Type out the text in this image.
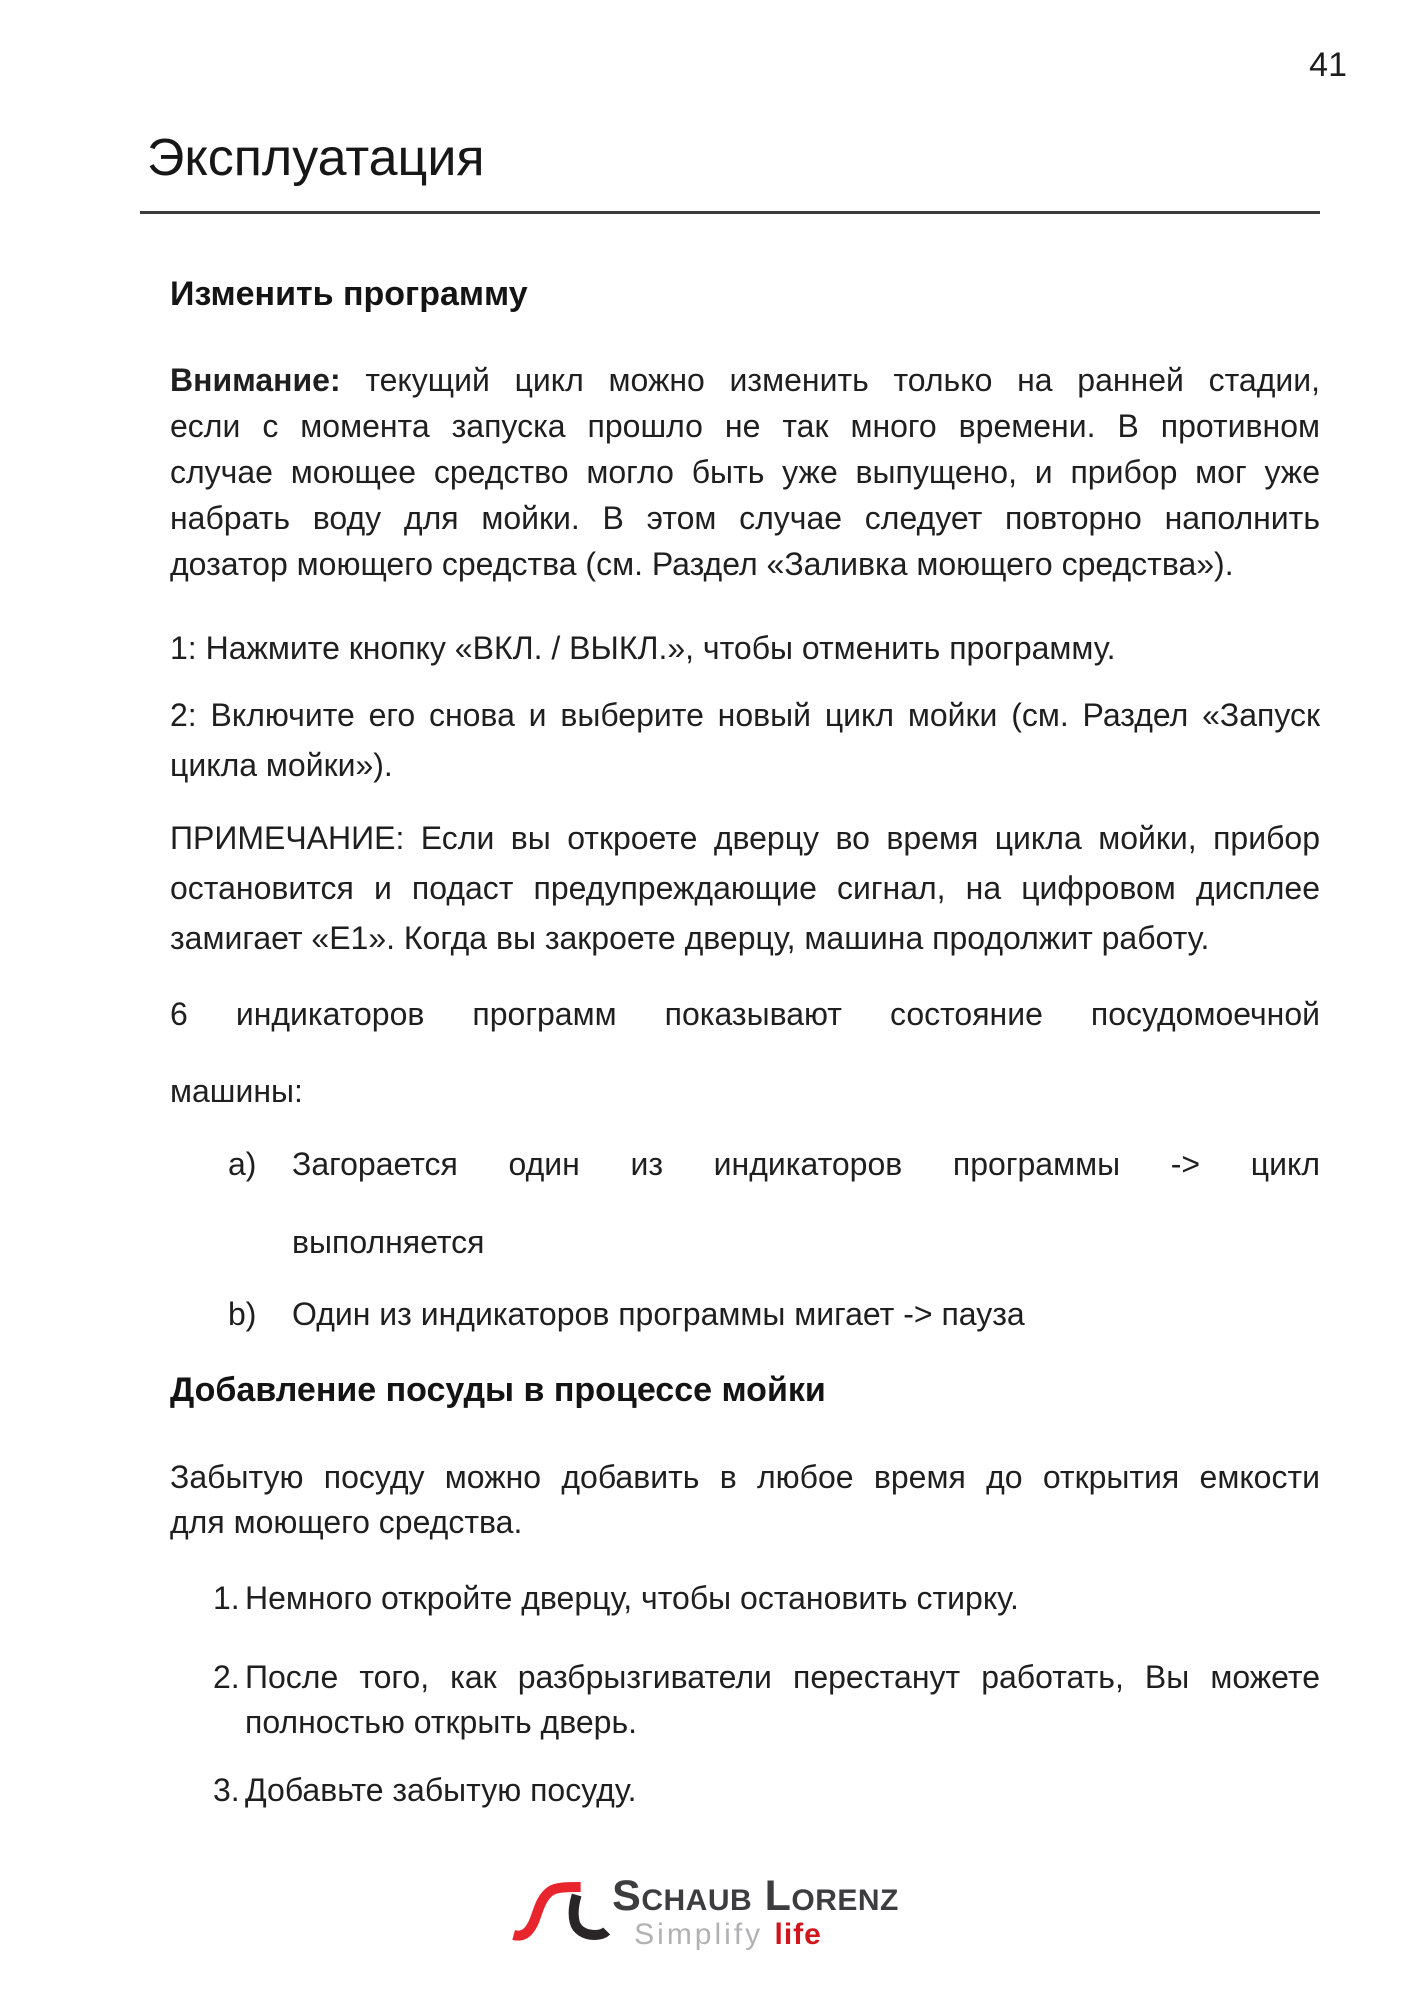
41
Эксплуатация
Изменить программу
Внимание: текущий цикл можно изменить только на ранней стадии,
если с момента запуска прошло не так много времени. В противном
случае моющее средство могло быть уже выпущено, и прибор мог уже
набрать воду для мойки. В этом случае следует повторно наполнить
дозатор моющего средства (см. Раздел «Заливка моющего средства»).
1: Нажмите кнопку «ВКЛ. / ВЫКЛ.», чтобы отменить программу.
2: Включите его снова и выберите новый цикл мойки (см. Раздел «Запуск
цикла мойки»).
ПРИМЕЧАНИЕ: Если вы откроете дверцу во время цикла мойки, прибор
остановится и подаст предупреждающие сигнал, на цифровом дисплее
замигает «Е1». Когда вы закроете дверцу, машина продолжит работу.
6 индикаторов программ показывают состояние посудомоечной
машины:
a) Загорается один из индикаторов программы -> цикл
выполняется
b) Один из индикаторов программы мигает -> пауза
Добавление посуды в процессе мойки
Забытую посуду можно добавить в любое время до открытия емкости
для моющего средства.
1. Немного откройте дверцу, чтобы остановить стирку.
2. После того, как разбрызгиватели перестанут работать, Вы можете
полностью открыть дверь.
3. Добавьте забытую посуду.
Schaub Lorenz
Simplify life
